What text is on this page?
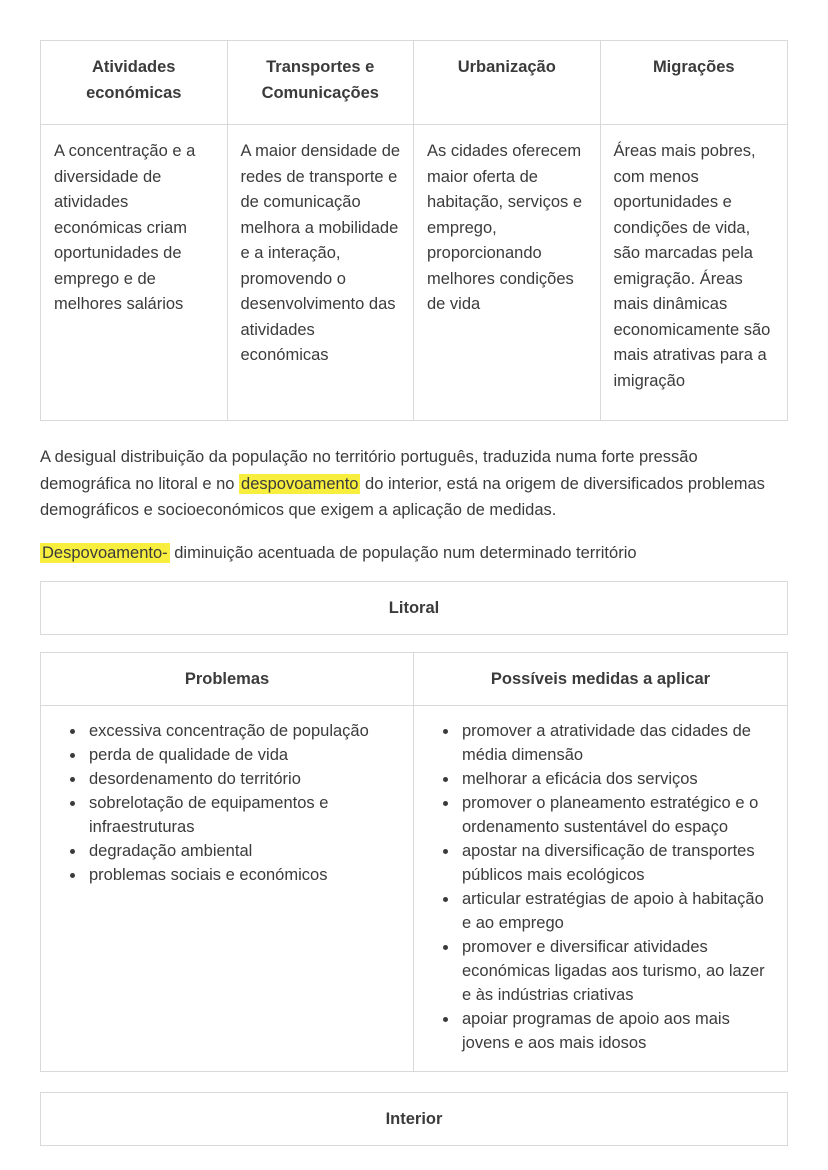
Atividades económicas
Transportes e Comunicações
Urbanização	Migrações
A concentração e a diversidade de atividades económicas criam oportunidades de emprego e de melhores salários
A maior densidade de redes de transporte e de comunicação melhora a mobilidade e a interação, promovendo o desenvolvimento das atividades económicas
As cidades oferecem maior oferta de habitação, serviços e emprego, proporcionando melhores condições de vida
Áreas mais pobres, com menos oportunidades e condições de vida, são marcadas pela emigração. Áreas mais dinâmicas economicamente são mais atrativas para a imigração

A desigual distribuição da população no território português, traduzida numa forte pressão demográfica no litoral e no despovoamento do interior, está na origem de diversificados problemas demográficos e socioeconómicos que exigem a aplicação de medidas.

Despovoamento- diminuição acentuada de população num determinado território

Litoral
Problemas	Possíveis medidas a aplicar
• excessiva concentração de população
• perda de qualidade de vida
• desordenamento do território
• sobrelotação de equipamentos e infraestruturas
• degradação ambiental
• problemas sociais e económicos
• promover a atratividade das cidades de média dimensão
• melhorar a eficácia dos serviços
• promover o planeamento estratégico e o ordenamento sustentável do espaço
• apostar na diversificação de transportes públicos mais ecológicos
• articular estratégias de apoio à habitação e ao emprego
• promover e diversificar atividades económicas ligadas aos turismo, ao lazer e às indústrias criativas
• apoiar programas de apoio aos mais jovens e aos mais idosos
Interior
